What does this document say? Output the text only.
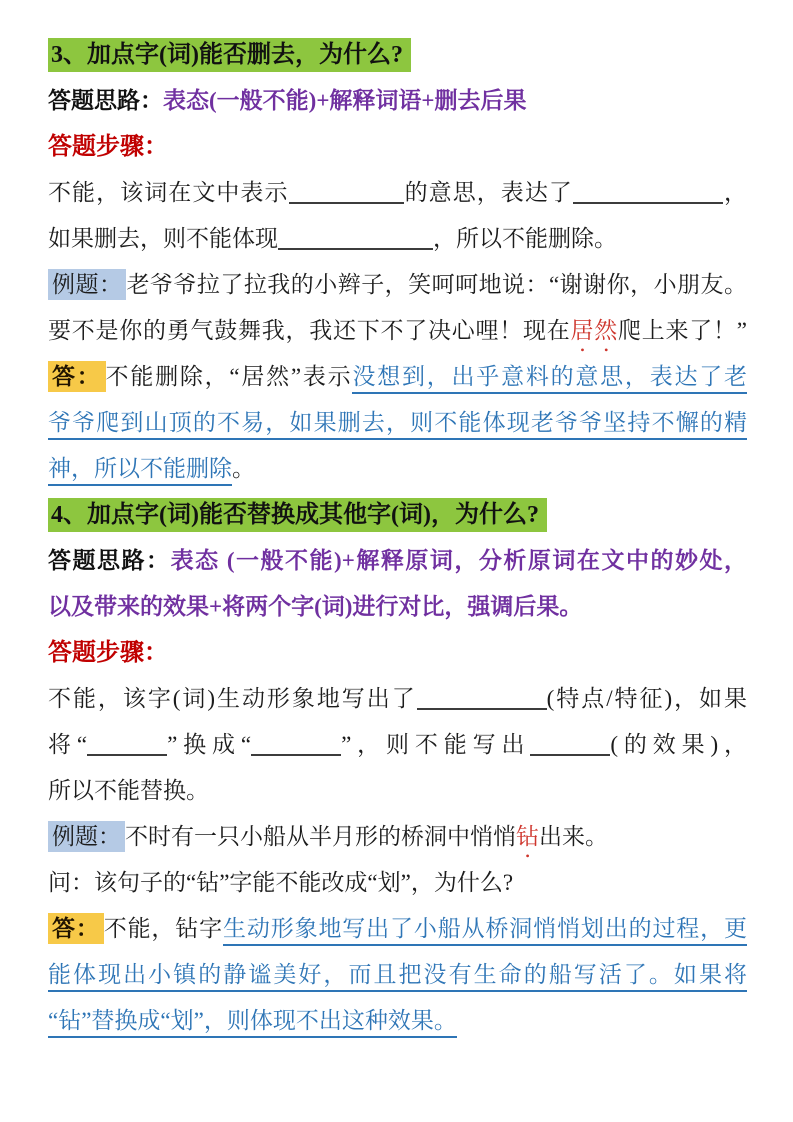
3、加点字(词)能否删去，为什么?
答题思路：表态(一般不能)+解释词语+删去后果
答题步骤：
不能，该词在文中表示	的意思，表达了	，
如果删去，则不能体现	，所以不能删除。
例题： 老爷爷拉了拉我的小辫子，笑呵呵地说：“谢谢你，小朋友。
要不是你的勇气鼓舞我，我还下不了决心哩！现在居然爬上来了！”
答： 不能删除，“居然”表示没想到，出乎意料的意思，表达了老
爷爷爬到山顶的不易，如果删去，则不能体现老爷爷坚持不懈的精
神，所以不能删除。
4、加点字(词)能否替换成其他字(词)，为什么?
答题思路：表态 (一般不能)+解释原词，分析原词在文中的妙处，
以及带来的效果+将两个字(词)进行对比，强调后果。
答题步骤：
不能，该字(词)生动形象地写出了	(特点/特征)，如果
将“	”换成“	”，则不能写出	(的效果)，
所以不能替换。
例题： 不时有一只小船从半月形的桥洞中悄悄钻出来。
问：该句子的“钻”字能不能改成“划”，为什么?
答： 不能，钻字生动形象地写出了小船从桥洞悄悄划出的过程，更
能体现出小镇的静谧美好，而且把没有生命的船写活了。如果将
“钻”替换成“划”，则体现不出这种效果。
